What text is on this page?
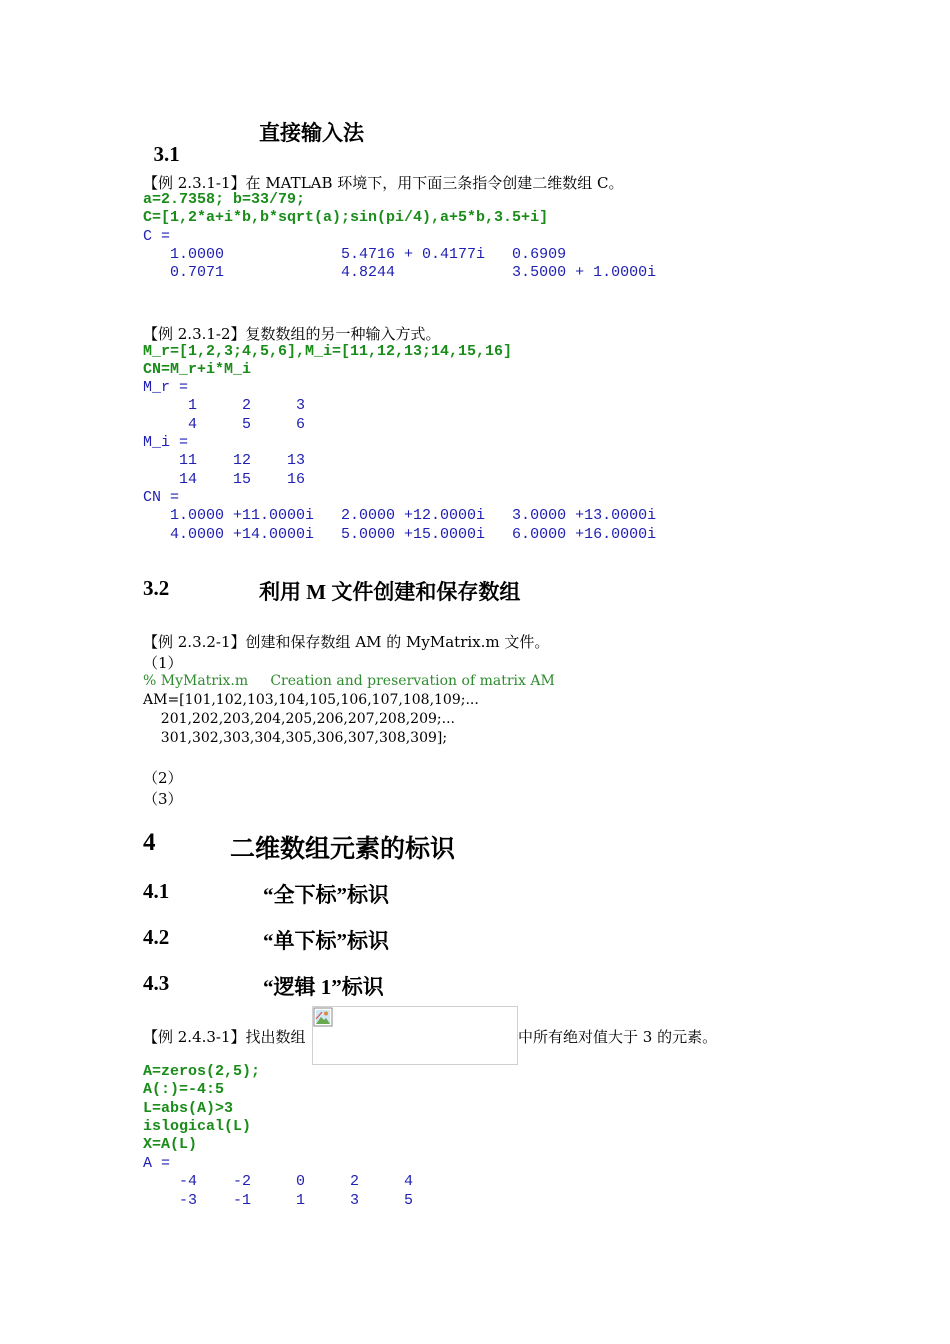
3.1

直接输入法
【例 2.3.1-1】在 MATLAB 环境下，用下面三条指令创建二维数组 C。
a=2.7358; b=33/79;
C=[1,2*a+i*b,b*sqrt(a);sin(pi/4),a+5*b,3.5+i]
C =
1.0000             5.4716 + 0.4177i   0.6909
0.7071             4.8244             3.5000 + 1.0000i
【例 2.3.1-2】复数数组的另一种输入方式。
M_r=[1,2,3;4,5,6],M_i=[11,12,13;14,15,16]
CN=M_r+i*M_i
M_r =
1     2     3
4     5     6
M_i =
11    12    13
14    15    16
CN =
1.0000 +11.0000i   2.0000 +12.0000i   3.0000 +13.0000i
4.0000 +14.0000i   5.0000 +15.0000i   6.0000 +16.0000i
3.2	利用 M 文件创建和保存数组
【例 2.3.2-1】创建和保存数组 AM 的 MyMatrix.m 文件。
（1）
% MyMatrix.m     Creation and preservation of matrix AM
AM=[101,102,103,104,105,106,107,108,109;...
201,202,203,204,205,206,207,208,209;...
301,302,303,304,305,306,307,308,309];
（2）
（3）
4	二维数组元素的标识
4.1	“全下标”标识
4.2	“单下标”标识
4.3	“逻辑 1”标识
【例 2.4.3-1】找出数组	中所有绝对值大于 3 的元素。
A=zeros(2,5);
A(:)=-4:5
L=abs(A)>3
islogical(L)
X=A(L)
A =
-4    -2     0     2     4
-3    -1     1     3     5
